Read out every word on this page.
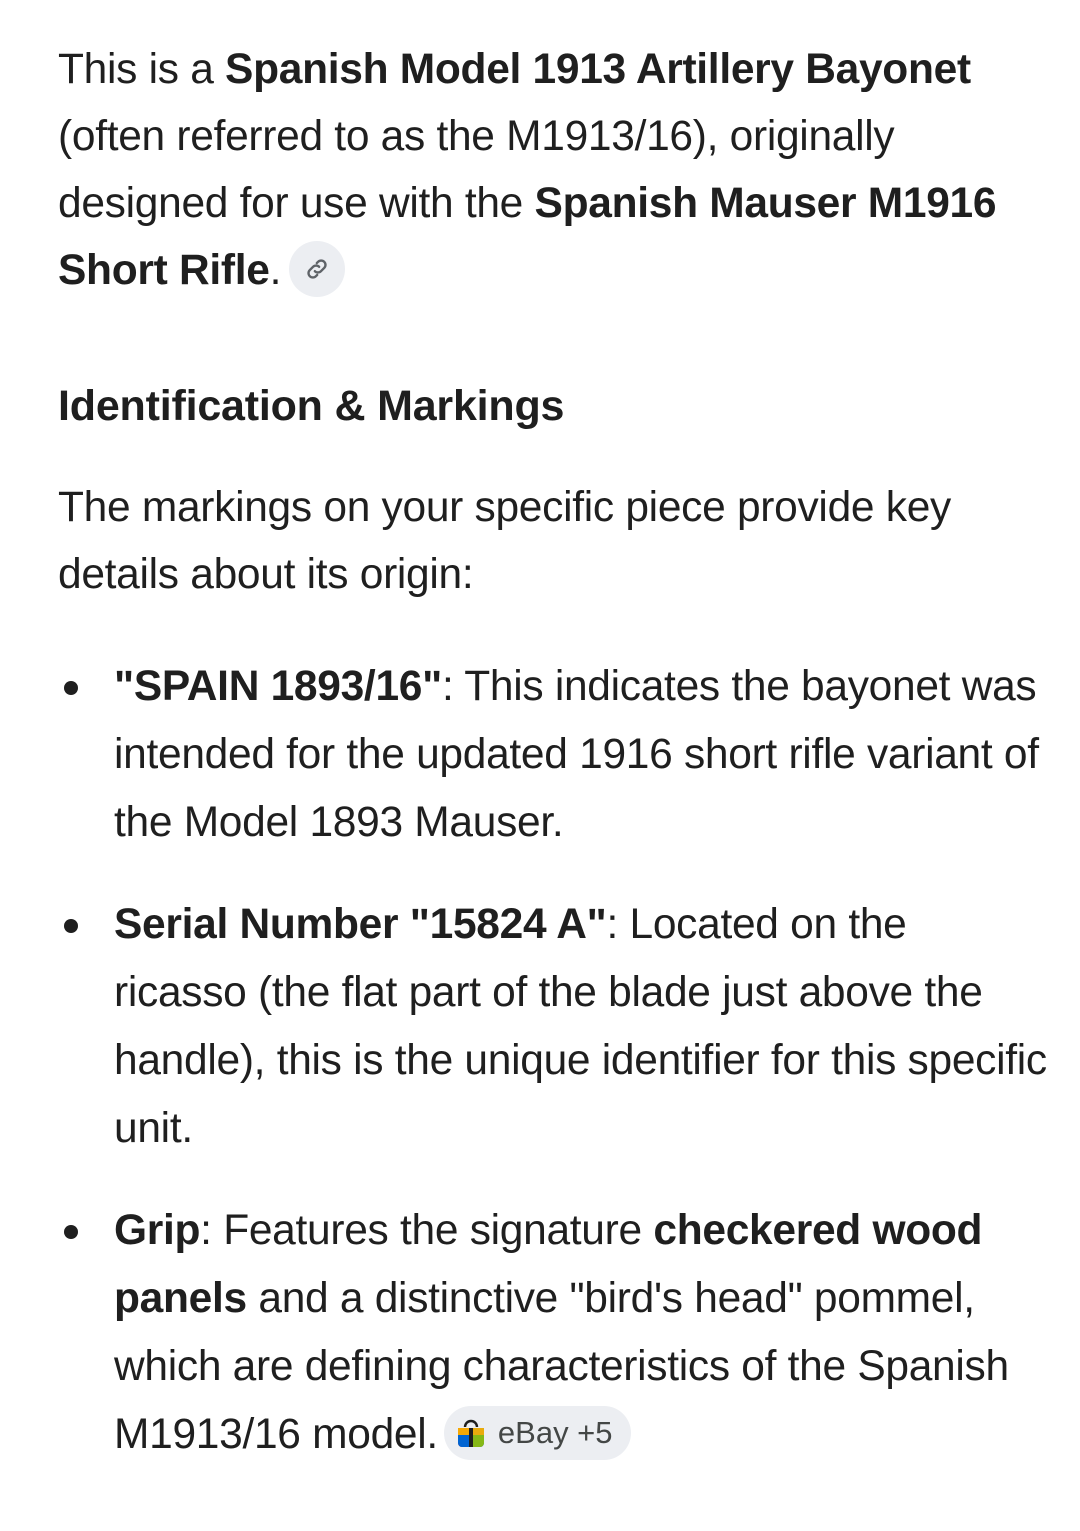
This is a Spanish Model 1913 Artillery Bayonet (often referred to as the M1913/16), originally designed for use with the Spanish Mauser M1916 Short Rifle.

Identification & Markings

The markings on your specific piece provide key details about its origin:

"SPAIN 1893/16": This indicates the bayonet was intended for the updated 1916 short rifle variant of the Model 1893 Mauser.
Serial Number "15824 A": Located on the ricasso (the flat part of the blade just above the handle), this is the unique identifier for this specific unit.
Grip: Features the signature checkered wood panels and a distinctive "bird's head" pommel, which are defining characteristics of the Spanish M1913/16 model. eBay +5
